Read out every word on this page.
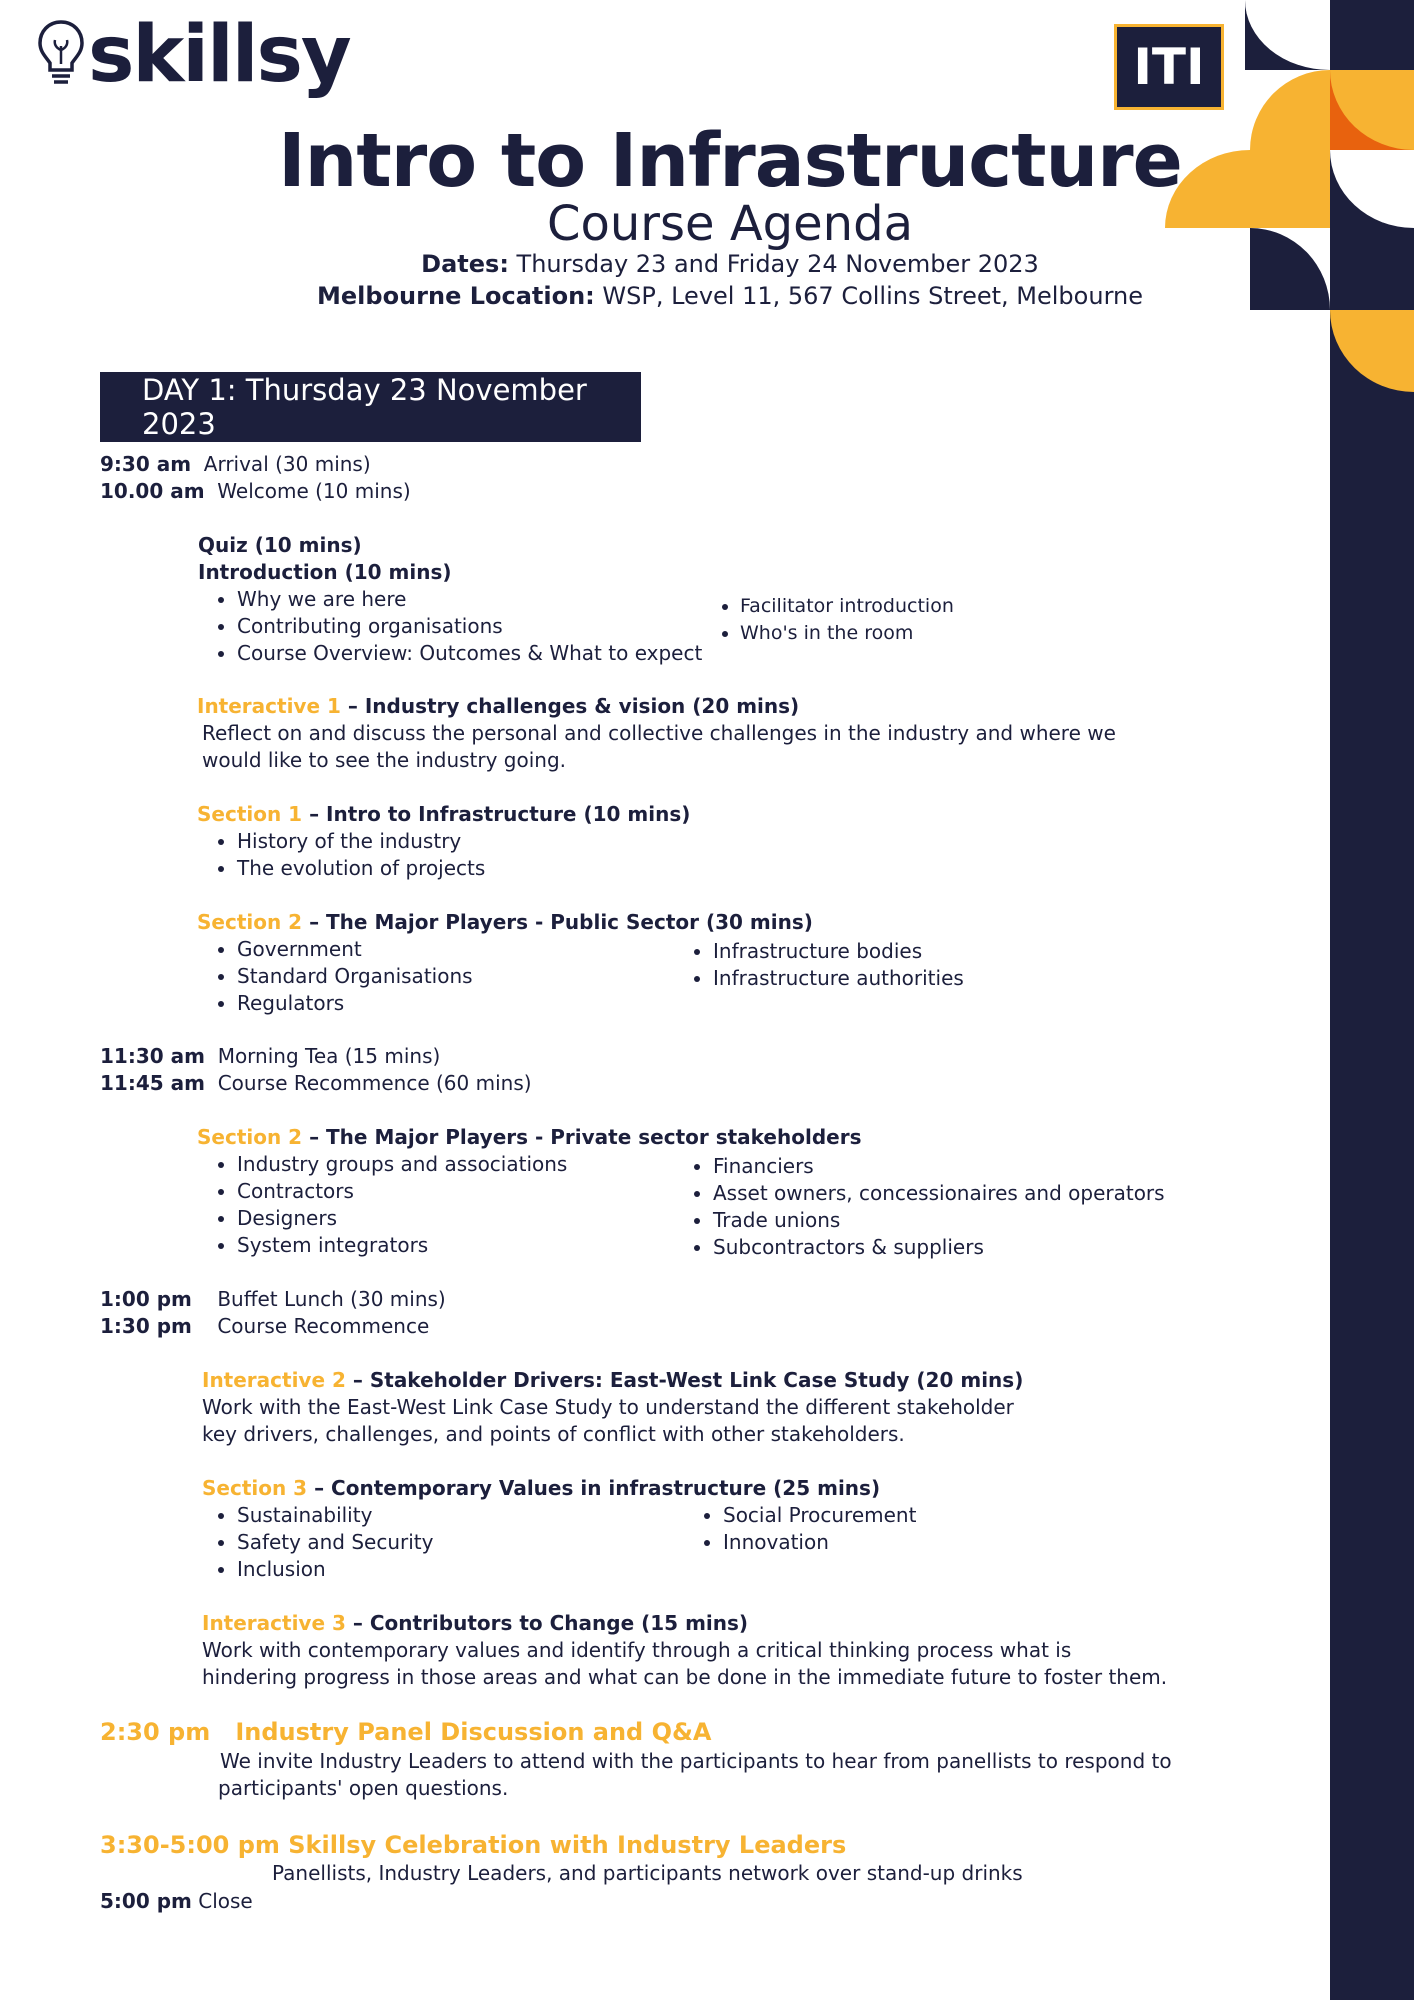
skillsy	ITI
Intro to Infrastructure
Course Agenda
Dates: Thursday 23 and Friday 24 November 2023
Melbourne Location: WSP, Level 11, 567 Collins Street, Melbourne
DAY 1: Thursday 23 November 2023
9:30 am Arrival (30 mins)
10.00 am Welcome (10 mins)
Quiz (10 mins)
Introduction (10 mins)
• Why we are here
• Contributing organisations
• Course Overview: Outcomes & What to expect
• Facilitator introduction
• Who's in the room
Interactive 1 – Industry challenges & vision (20 mins)
Reflect on and discuss the personal and collective challenges in the industry and where we would like to see the industry going.
Section 1 – Intro to Infrastructure (10 mins)
• History of the industry
• The evolution of projects
Section 2 – The Major Players - Public Sector (30 mins)
• Government
• Standard Organisations
• Regulators
• Infrastructure bodies
• Infrastructure authorities
11:30 am Morning Tea (15 mins)
11:45 am Course Recommence (60 mins)
Section 2 – The Major Players - Private sector stakeholders
• Industry groups and associations
• Contractors
• Designers
• System integrators
• Financiers
• Asset owners, concessionaires and operators
• Trade unions
• Subcontractors & suppliers
1:00 pm Buffet Lunch (30 mins)
1:30 pm Course Recommence
Interactive 2 – Stakeholder Drivers: East-West Link Case Study (20 mins)
Work with the East-West Link Case Study to understand the different stakeholder
key drivers, challenges, and points of conflict with other stakeholders.
Section 3 – Contemporary Values in infrastructure (25 mins)
• Sustainability
• Safety and Security
• Inclusion
• Social Procurement
• Innovation
Interactive 3 – Contributors to Change (15 mins)
Work with contemporary values and identify through a critical thinking process what is
hindering progress in those areas and what can be done in the immediate future to foster them.
2:30 pm Industry Panel Discussion and Q&A
We invite Industry Leaders to attend with the participants to hear from panellists to respond to
participants' open questions.
3:30-5:00 pm Skillsy Celebration with Industry Leaders
Panellists, Industry Leaders, and participants network over stand-up drinks
5:00 pm Close
